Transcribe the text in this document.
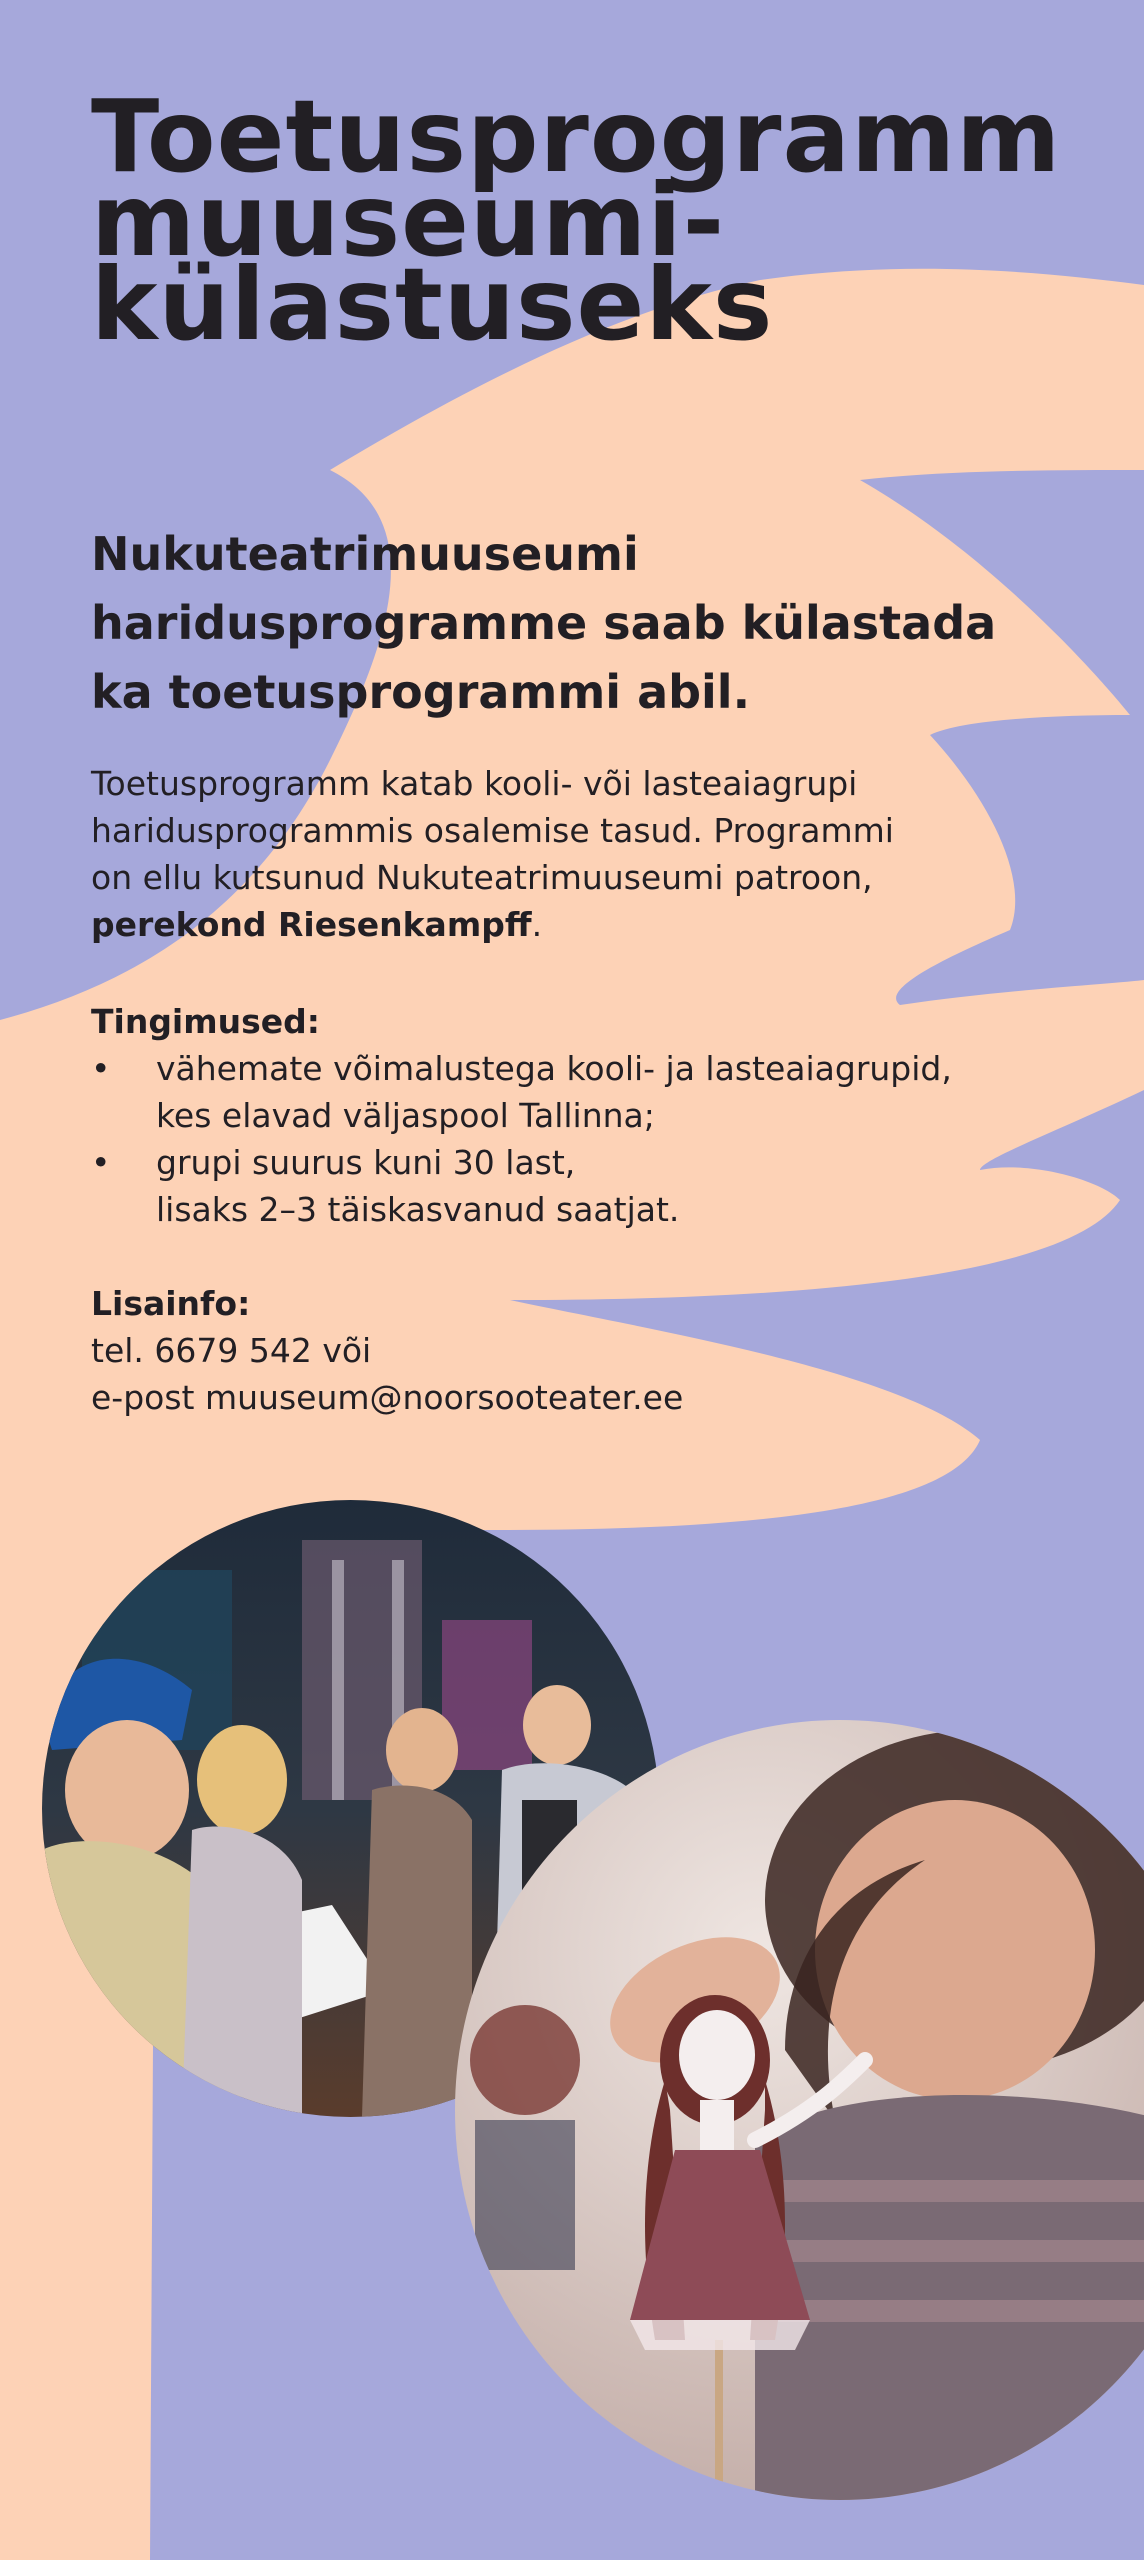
Toetusprogramm
muuseumi-
külastuseks
Nukuteatrimuuseumi
haridusprogramme saab külastada
ka toetusprogrammi abil.

Toetusprogramm katab kooli- või lasteaiagrupi
haridusprogrammis osalemise tasud. Programmi
on ellu kutsunud Nukuteatrimuuseumi patroon,
perekond Riesenkampff.

Tingimused:
• vähemate võimalustega kooli- ja lasteaiagrupid,
kes elavad väljaspool Tallinna;
• grupi suurus kuni 30 last,
lisaks 2–3 täiskasvanud saatjat.
Lisainfo:
tel. 6679 542 või
e-post muuseum@noorsooteater.ee
